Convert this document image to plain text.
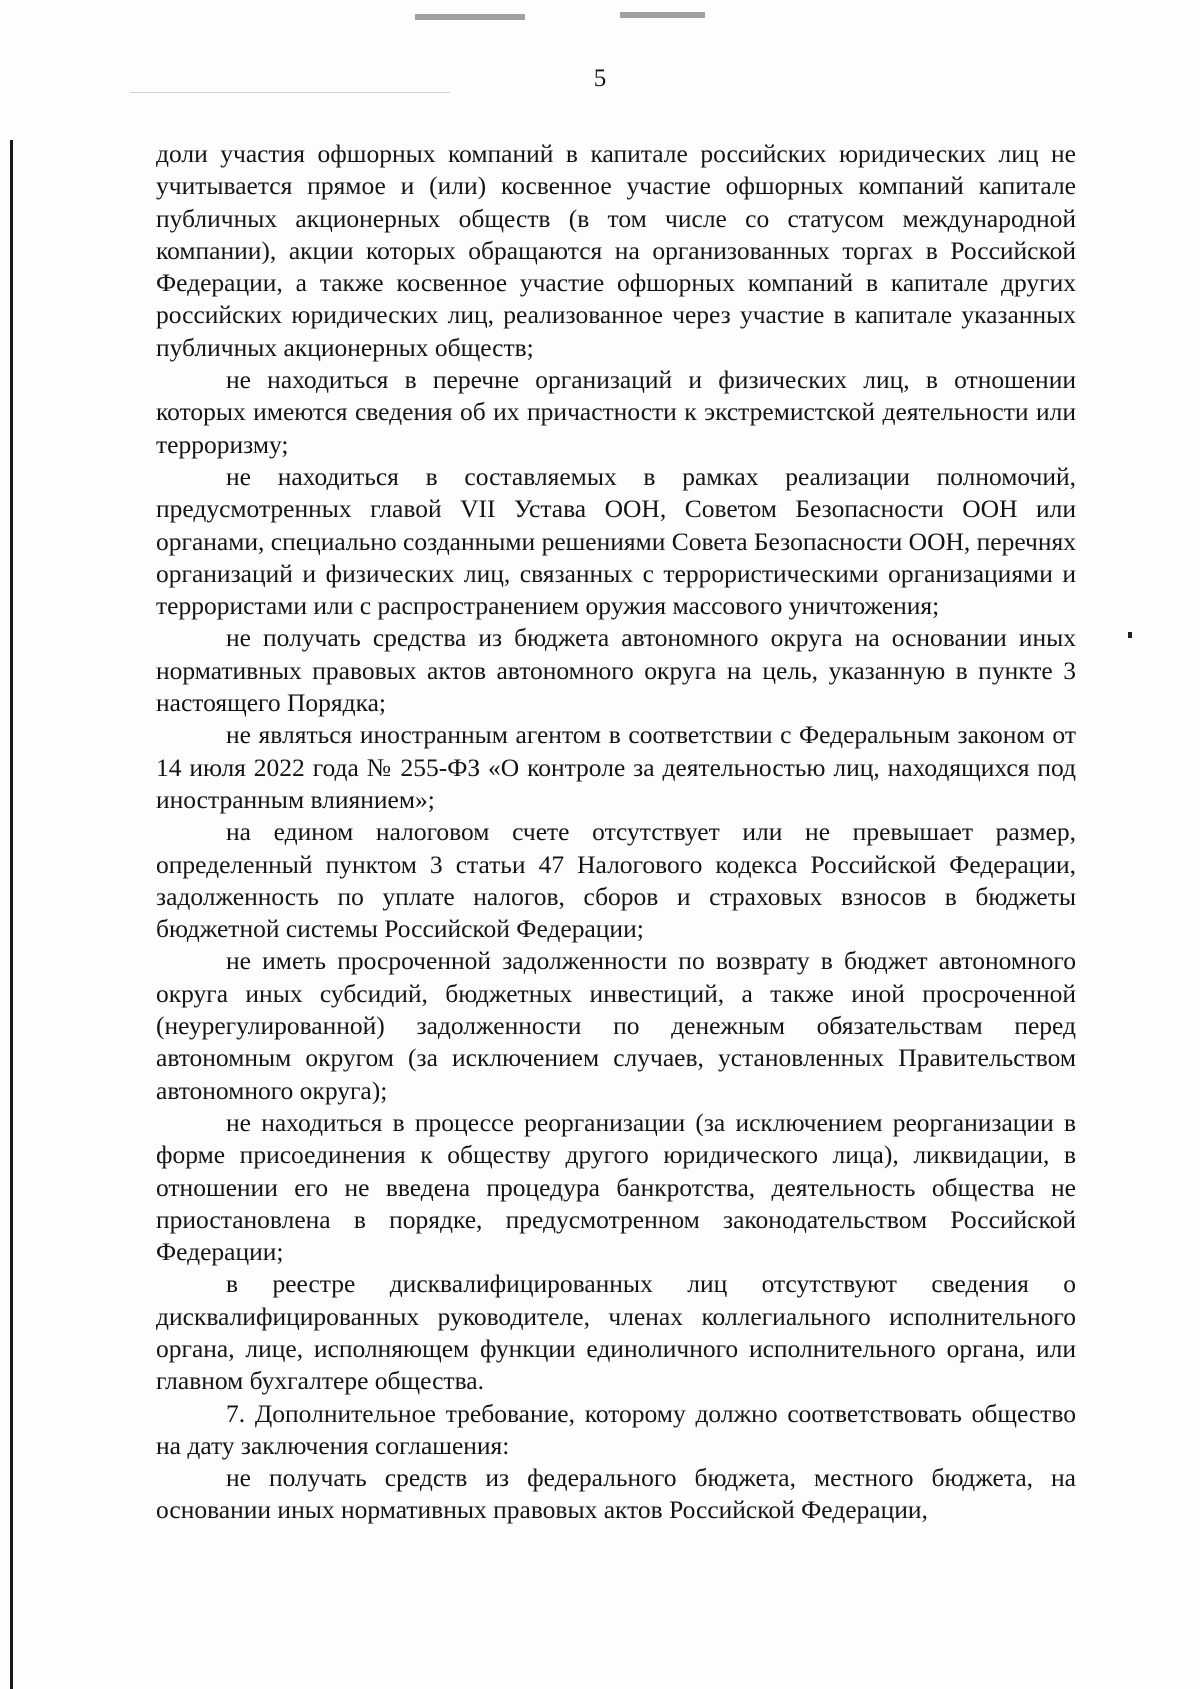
5

доли участия офшорных компаний в капитале российских юридических лиц не учитывается прямое и (или) косвенное участие офшорных компаний капитале публичных акционерных обществ (в том числе со статусом международной компании), акции которых обращаются на организованных торгах в Российской Федерации, а также косвенное участие офшорных компаний в капитале других российских юридических лиц, реализованное через участие в капитале указанных публичных акционерных обществ;

не находиться в перечне организаций и физических лиц, в отношении которых имеются сведения об их причастности к экстремистской деятельности или терроризму;

не находиться в составляемых в рамках реализации полномочий, предусмотренных главой VII Устава ООН, Советом Безопасности ООН или органами, специально созданными решениями Совета Безопасности ООН, перечнях организаций и физических лиц, связанных с террористическими организациями и террористами или с распространением оружия массового уничтожения;

не получать средства из бюджета автономного округа на основании иных нормативных правовых актов автономного округа на цель, указанную в пункте 3 настоящего Порядка;

не являться иностранным агентом в соответствии с Федеральным законом от 14 июля 2022 года № 255-ФЗ «О контроле за деятельностью лиц, находящихся под иностранным влиянием»;

на едином налоговом счете отсутствует или не превышает размер, определенный пунктом 3 статьи 47 Налогового кодекса Российской Федерации, задолженность по уплате налогов, сборов и страховых взносов в бюджеты бюджетной системы Российской Федерации;

не иметь просроченной задолженности по возврату в бюджет автономного округа иных субсидий, бюджетных инвестиций, а также иной просроченной (неурегулированной) задолженности по денежным обязательствам перед автономным округом (за исключением случаев, установленных Правительством автономного округа);

не находиться в процессе реорганизации (за исключением реорганизации в форме присоединения к обществу другого юридического лица), ликвидации, в отношении его не введена процедура банкротства, деятельность общества не приостановлена в порядке, предусмотренном законодательством Российской Федерации;

в реестре дисквалифицированных лиц отсутствуют сведения о дисквалифицированных руководителе, членах коллегиального исполнительного органа, лице, исполняющем функции единоличного исполнительного органа, или главном бухгалтере общества.

7. Дополнительное требование, которому должно соответствовать общество на дату заключения соглашения:

не получать средств из федерального бюджета, местного бюджета, на основании иных нормативных правовых актов Российской Федерации,
